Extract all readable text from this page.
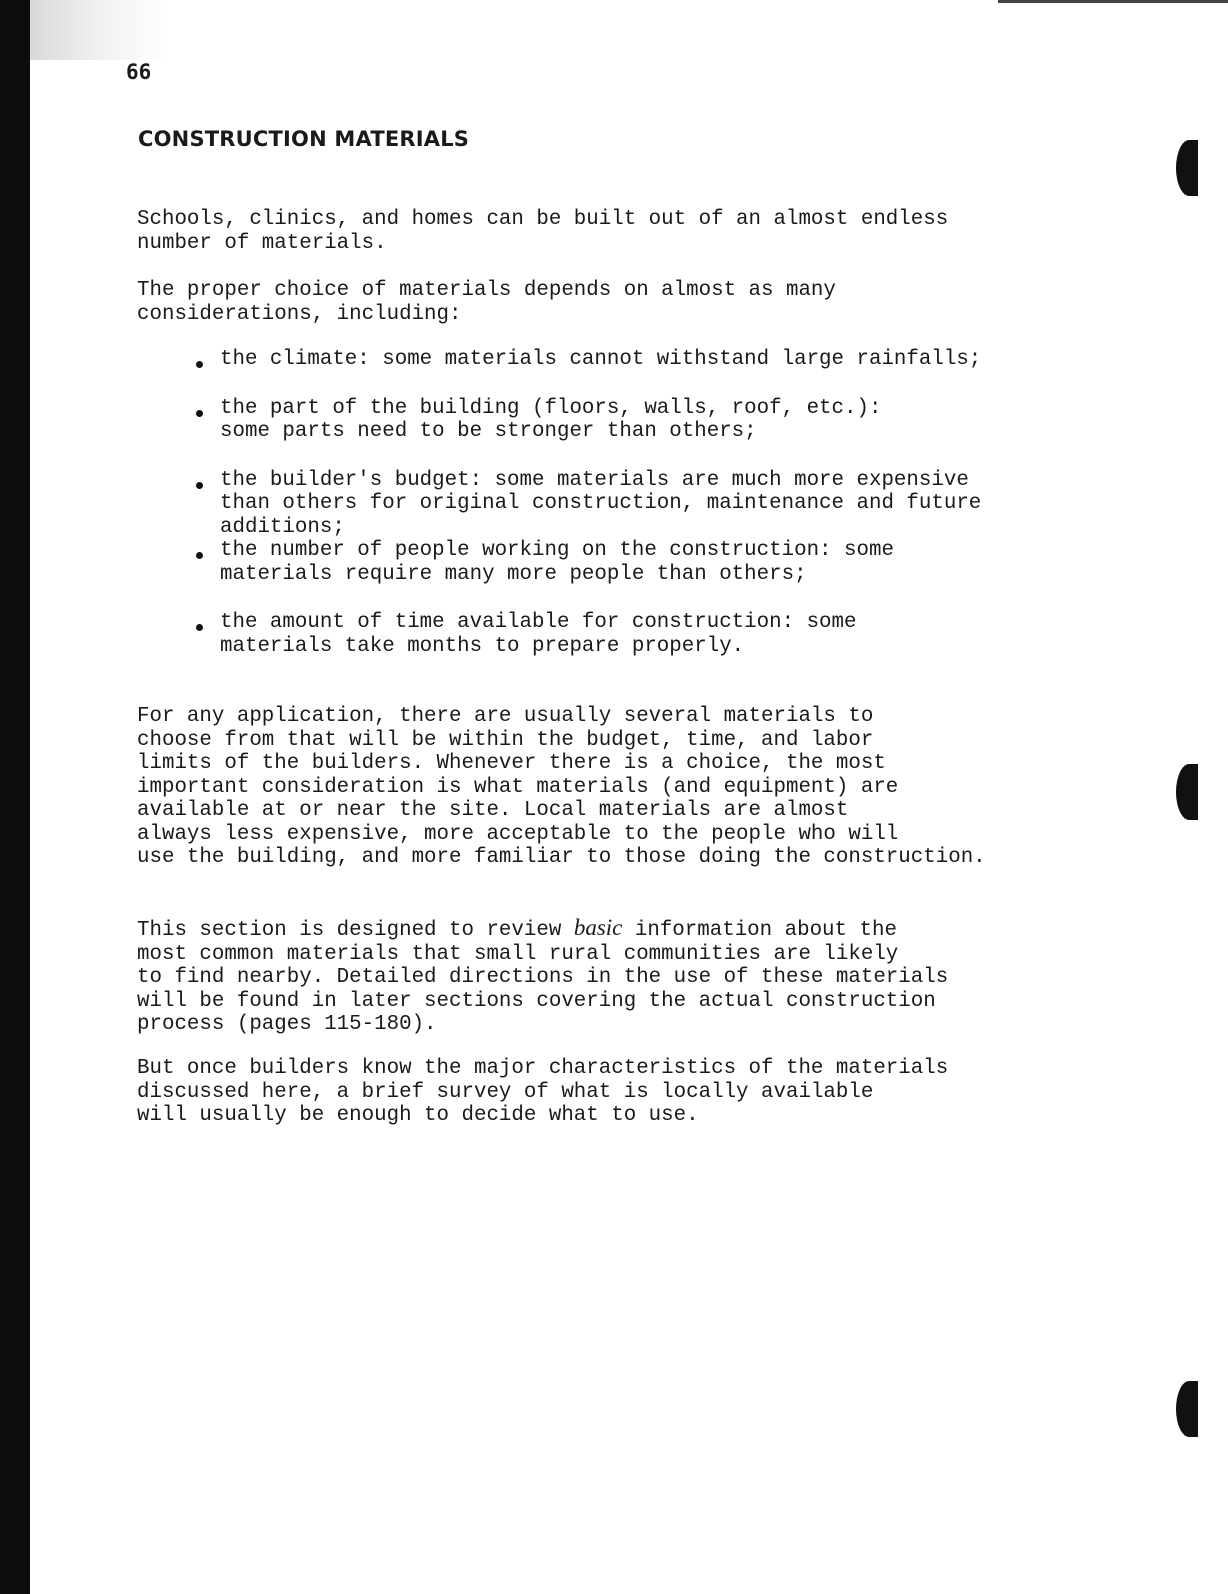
66
CONSTRUCTION MATERIALS

Schools, clinics, and homes can be built out of an almost endless
number of materials.

The proper choice of materials depends on almost as many
considerations, including:

the climate: some materials cannot withstand large rainfalls;
the part of the building (floors, walls, roof, etc.):
some parts need to be stronger than others;
the builder's budget: some materials are much more expensive
than others for original construction, maintenance and future
additions;
the number of people working on the construction: some
materials require many more people than others;
the amount of time available for construction: some
materials take months to prepare properly.

For any application, there are usually several materials to
choose from that will be within the budget, time, and labor
limits of the builders. Whenever there is a choice, the most
important consideration is what materials (and equipment) are
available at or near the site. Local materials are almost
always less expensive, more acceptable to the people who will
use the building, and more familiar to those doing the construction.

This section is designed to review basic information about the
most common materials that small rural communities are likely
to find nearby. Detailed directions in the use of these materials
will be found in later sections covering the actual construction
process (pages 115-180).

But once builders know the major characteristics of the materials
discussed here, a brief survey of what is locally available
will usually be enough to decide what to use.
